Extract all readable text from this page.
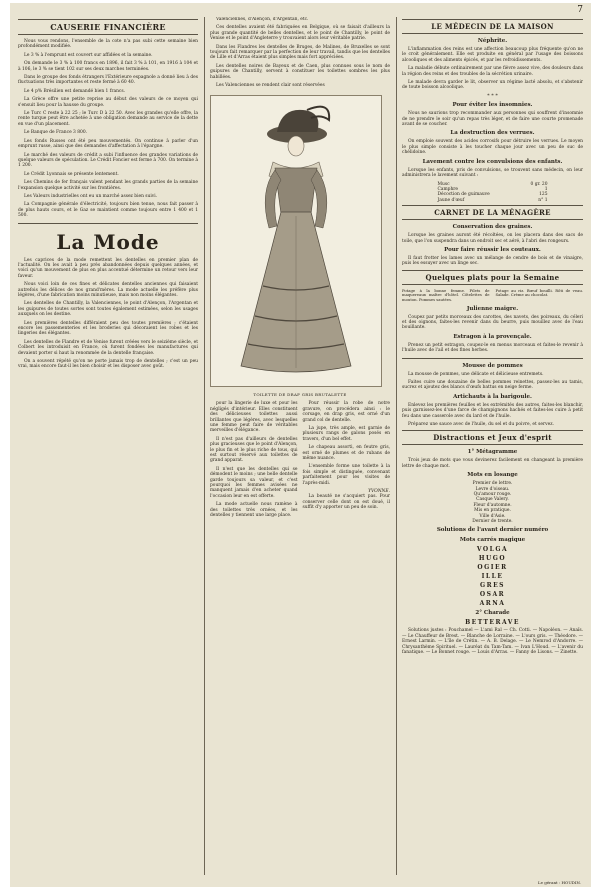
7
CAUSERIE FINANCIÈRE

Nous vous rendons, l'ensemble de la cote n'a pas subi cette semaine bien profondément modifiée.

Le 3 % à l'emprunt est couvert sur affidées et la semaine.

On demande le 3 % à 100 francs en 1896, il fait 3 % à 101, en 1916 à 104 et à 106, le 3 % se tient 102 sur ses deux marches terminées.

Dans le groupe des fonds étrangers l'Extérieure espagnole a donné lieu à des fluctuations très importantes et reste fermé à 60 40.

Le 4 p% Brésilien est demandé bien 1 francs.

La Grèce offre une petite reprise au début des valeurs de ce moyen qui s'ensuit lieu pour la hausse du groupe.

Le Turc C reste à 22 25 ; le Turc D à 22 50. Avec les grandes qu'elle offre, la rente turque peut être achetée à une obligation demande au service de la dette en vue d'un placement.

Le Banque de France 3 800.

Les fonds Russes ont été peu mouvementés. On continue à parler d'un emprunt russe, ainsi que des demandes d'affectation à l'épargne.

Le marché des valeurs de crédit a subi l'influence des grandes variations de quelque valeurs de spéculation. Le Crédit Foncier est ferme à 700. On termine à 1 200.

Le Crédit Lyonnais se présente lentement.

Les Chemins de fer français valent pendant les grands parties de la semaine l'expansion quelque activité sur les frontières.

Les Valeurs industrielles ont eu un marché assez bien suivi.

La Compagnie générale d'électricité, toujours bien tenue, nous fait passer à de plus hauts cours, et le Gaz se maintient comme toujours entre 1 400 et 1 500.

La Mode

Les caprices de la mode remettent les dentelles en premier plan de l'actualité. On les avait à peu près abandonnées depuis quelques années, et voici qu'un mouvement de plus en plus accentué détermine un retour vers leur faveur.

Nous voici loin de ces fines et délicates dentelles anciennes qui faisaient autrefois les délices de nos grand'mères. La mode actuelle les préfère plus légères, d'une fabrication moins minutieuse, mais non moins élégantes.

Les dentelles de Chantilly, la Valenciennes, le point d'Alençon, l'Argentan et les guipures de toutes sortes sont toutes également estimées, selon les usages auxquels on les destine.

Les premières dentelles différaient peu des toutes premières ; c'étaient encore les passementeries et les broderies qui décoraient les robes et les lingeries des élégantes.

Les dentelles de Flandre et de Venise furent créées vers le seizième siècle, et Colbert les introduisit en France, où furent fondées les manufactures qui devaient porter si haut la renommée de la dentelle française.

On a souvent répété qu'on ne porte jamais trop de dentelles ; c'est un peu vrai, mais encore faut-il les bien choisir et les disposer avec goût.

Valenciennes, d'Alençon, d'Argentan, etc.

Ces dentelles avaient été fabriquées en Belgique, où se faisait d'ailleurs la plus grande quantité de belles dentelles, et le point de Chantilly, le point de Venise et le point d'Angleterre y trouvaient alors leur véritable patrie.

Dans les Flandres les dentelles de Bruges, de Malines, de Bruxelles se sont toujours fait remarquer par la perfection de leur travail, tandis que les dentelles de Lille et d'Arras étaient plus simples mais fort appréciées.

Les dentelles noires de Bayeux et de Caen, plus connues sous le nom de guipures de Chantilly, servent à constituer les toilettes sombres les plus habillées.

Les Valenciennes se rendent clair sont réservées

TOILETTE DE DRAP GRIS BRUTALETTE

pour la lingerie de luxe et pour les négligés d'intérieur. Elles constituent des délicieuses toilettes aussi brillantes que légères, avec lesquelles une femme peut faire de véritables merveilles d'élégance.

Il n'est pas d'ailleurs de dentelles plus gracieuses que le point d'Alençon, le plus fin et le plus riche de tous, qui est surtout réservé aux toilettes de grand apparat.

Il n'est que les dentelles qui se démodent le moins ; une belle dentelle garde toujours sa valeur, et c'est pourquoi les femmes avisées ne manquent jamais d'en acheter quand l'occasion leur en est offerte.

La mode actuelle nous ramène à des toilettes très ornées, et les dentelles y tiennent une large place.

Pour réussir la robe de notre gravure, on procédera ainsi : le corsage, en drap gris, est orné d'un grand col de dentelle.

La jupe, très ample, est garnie de plusieurs rangs de galons posés en travers, d'un bel effet.

Le chapeau assorti, en feutre gris, est orné de plumes et de rubans de même nuance.

L'ensemble forme une toilette à la fois simple et distinguée, convenant parfaitement pour les visites de l'après-midi.

YVONNE.

La beauté ne s'acquiert pas. Pour conserver celle dont on est doué, il suffit d'y apporter un peu de soin.

LE MÉDECIN DE LA MAISON
Néphrite.

L'inflammation des reins est une affection beaucoup plus fréquente qu'on ne le croit généralement. Elle est produite en général par l'usage des boissons alcooliques et des aliments épicés, et par les refroidissements.

La maladie débute ordinairement par une fièvre assez vive, des douleurs dans la région des reins et des troubles de la sécrétion urinaire.

Le malade devra garder le lit, observer un régime lacté absolu, et s'abstenir de toute boisson alcoolique.

* * *
Pour éviter les insomnies.

Nous ne saurions trop recommander aux personnes qui souffrent d'insomnie de ne prendre le soir qu'un repas très léger, et de faire une courte promenade avant de se coucher.

La destruction des verrues.

On emploie souvent des acides corrosifs pour détruire les verrues. Le moyen le plus simple consiste à les toucher chaque jour avec un peu de suc de chélidoine.

Lavement contre les convulsions des enfants.

Lorsque les enfants, pris de convulsions, se trouvent sans médecin, on leur administrera le lavement suivant :

Musc	0 gr. 20
Camphre	1
Décoction de guimauve	125
Jaune d'œuf	n° 1
CARNET DE LA MÉNAGÈRE
Conservation des graines.

Lorsque les graines auront été récoltées, on les placera dans des sacs de toile, que l'on suspendra dans un endroit sec et aéré, à l'abri des rongeurs.

Pour faire réussir les couteaux.

Il faut frotter les lames avec un mélange de cendre de bois et de vinaigre, puis les essuyer avec un linge sec.

Quelques plats pour la Semaine
Potage à la bonne femme. Filets de maquereaux maître d'hôtel. Côtelettes de mouton. Pommes sautées.
Potage au riz. Bœuf bouilli. Rôti de veau. Salade. Crème au chocolat.
Julienne maigre.

Coupez par petits morceaux des carottes, des navets, des poireaux, du céleri et des oignons, faites-les revenir dans du beurre, puis mouillez avec de l'eau bouillante.

Estragon à la provençale.

Prenez un petit estragon, coupez-le en menus morceaux et faites-le revenir à l'huile avec de l'ail et des fines herbes.

Mousse de pommes

La mousse de pommes, une délicate et délicieuse entremets.

Faites cuire une douzaine de belles pommes reinettes, passez-les au tamis, sucrez et ajoutez des blancs d'œufs battus en neige ferme.

Artichauts à la barigoule.

Enlevez les premières feuilles et les extrémités des autres, faites-les blanchir, puis garnissez-les d'une farce de champignons hachés et faites-les cuire à petit feu dans une casserole avec du lard et de l'huile.

Préparez une sauce avec de l'huile, du sel et du poivre, et servez.

Distractions et Jeux d'esprit
1° Métagramme

Trois jeux de mots que vous devinerez facilement en changeant la première lettre de chaque mot.

Mots en losange
Premier de lettre.
Levre d'oiseau.
Qu'amour rouge.
Casque Valery.
Fleur d'automne.
Mis en pratique.
Ville d'Asie.
Dernier de trente.
Solutions de l'avant dernier numéro
Mots carrés magique
VOLGA
HUGO
OGIER
ILLE
GRES
OSAR
ARNA
2° Charade
BETTERAVE

Solutions justes : Pouchamel — L'ami Ral — Ch. Cotti. — Napoléon. — Anaïs. — Le Chauffeur de Brest. — Blanche de Lorraine. — L'ours gris. — Théodore. — Ernest Larmin. — L'île de Crétin. — A. B. Delage. — Le Nemrod d'Andorre. — Chrysanthème Spirituel. — Lauréat du Tam-Tam. — Ivan L'Houd. — L'avenir du fanatique. — Le Bonnet rouge. — Louis d'Arras. — Fanny de Lisons. — Zinette.

Le gérant : HOUDIN.
